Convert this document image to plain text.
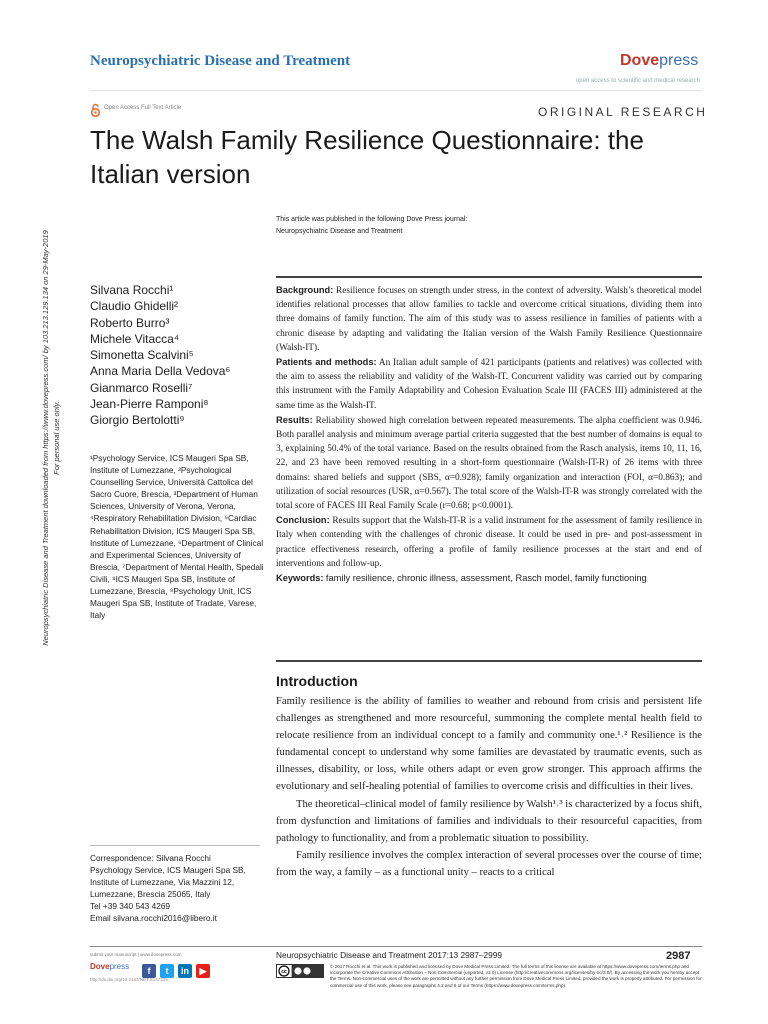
Neuropsychiatric Disease and Treatment	Dovepress
open access to scientific and medical research
Open Access Full Text Article	ORIGINAL RESEARCH
The Walsh Family Resilience Questionnaire: the Italian version
This article was published in the following Dove Press journal:
Neuropsychiatric Disease and Treatment
Neuropsychiatric Disease and Treatment downloaded from https://www.dovepress.com/ by 103.213.129.134 on 29-May-2019 For personal use only.
Silvana Rocchi¹
Claudio Ghidelli²
Roberto Burro³
Michele Vitacca⁴
Simonetta Scalvini⁵
Anna Maria Della Vedova⁶
Gianmarco Roselli⁷
Jean-Pierre Ramponi⁸
Giorgio Bertolotti⁹
¹Psychology Service, ICS Maugeri Spa SB, Institute of Lumezzane, ²Psychological Counselling Service, Università Cattolica del Sacro Cuore, Brescia, ³Department of Human Sciences, University of Verona, Verona, ⁴Respiratory Rehabilitation Division, ⁵Cardiac Rehabilitation Division, ICS Maugeri Spa SB, Institute of Lumezzane, ⁶Department of Clinical and Experimental Sciences, University of Brescia, ⁷Department of Mental Health, Spedali Civili, ⁸ICS Maugeri Spa SB, Institute of Lumezzane, Brescia, ⁹Psychology Unit, ICS Maugeri Spa SB, Institute of Tradate, Varese, Italy
Correspondence: Silvana Rocchi
Psychology Service, ICS Maugeri Spa SB,
Institute of Lumezzane, Via Mazzini 12,
Lumezzane, Brescia 25065, Italy
Tel +39 340 543 4269
Email silvana.rocchi2016@libero.it

Background: Resilience focuses on strength under stress, in the context of adversity. Walsh’s theoretical model identifies relational processes that allow families to tackle and overcome critical situations, dividing them into three domains of family function. The aim of this study was to assess resilience in families of patients with a chronic disease by adapting and validating the Italian version of the Walsh Family Resilience Questionnaire (Walsh-IT).

Patients and methods: An Italian adult sample of 421 participants (patients and relatives) was collected with the aim to assess the reliability and validity of the Walsh-IT. Concurrent validity was carried out by comparing this instrument with the Family Adaptability and Cohesion Evaluation Scale III (FACES III) administered at the same time as the Walsh-IT.

Results: Reliability showed high correlation between repeated measurements. The alpha coefficient was 0.946. Both parallel analysis and minimum average partial criteria suggested that the best number of domains is equal to 3, explaining 50.4% of the total variance. Based on the results obtained from the Rasch analysis, items 10, 11, 16, 22, and 23 have been removed resulting in a short-form questionnaire (Walsh-IT-R) of 26 items with three domains: shared beliefs and support (SBS, α=0.928); family organization and interaction (FOI, α=0.863); and utilization of social resources (USR, α=0.567). The total score of the Walsh-IT-R was strongly correlated with the total score of FACES III Real Family Scale (r=0.68; p<0.0001).

Conclusion: Results support that the Walsh-IT-R is a valid instrument for the assessment of family resilience in Italy when contending with the challenges of chronic disease. It could be used in pre- and post-assessment in practice effectiveness research, offering a profile of family resilience processes at the start and end of interventions and follow-up.

Keywords: family resilience, chronic illness, assessment, Rasch model, family functioning

Introduction

Family resilience is the ability of families to weather and rebound from crisis and persistent life challenges as strengthened and more resourceful, summoning the complete mental health field to relocate resilience from an individual concept to a family and community one.¹˒² Resilience is the fundamental concept to understand why some families are devastated by traumatic events, such as illnesses, disability, or loss, while others adapt or even grow stronger. This approach affirms the evolutionary and self-healing potential of families to overcome crisis and difficulties in their lives.

The theoretical–clinical model of family resilience by Walsh¹˒³ is characterized by a focus shift, from dysfunction and limitations of families and individuals to their resourceful capacities, from pathology to functionality, and from a problematic situation to possibility.

Family resilience involves the complex interaction of several processes over the course of time; from the way, a family – as a functional unity – reacts to a critical

submit your manuscript | www.dovepress.com
Dovepress	f t in ▶
http://dx.doi.org/10.2147/NDT.S147315
Neuropsychiatric Disease and Treatment 2017:13 2987–2999	2987
cc
© 2017 Rocchi et al. This work is published and licensed by Dove Medical Press Limited. The full terms of this license are available at https://www.dovepress.com/terms.php and incorporate the Creative Commons Attribution – Non Commercial (unported, v3.0) License (http://creativecommons.org/licenses/by-nc/3.0/). By accessing the work you hereby accept the Terms. Non-commercial uses of the work are permitted without any further permission from Dove Medical Press Limited, provided the work is properly attributed. For permission for commercial use of this work, please see paragraphs 4.2 and 5 of our Terms (https://www.dovepress.com/terms.php).
